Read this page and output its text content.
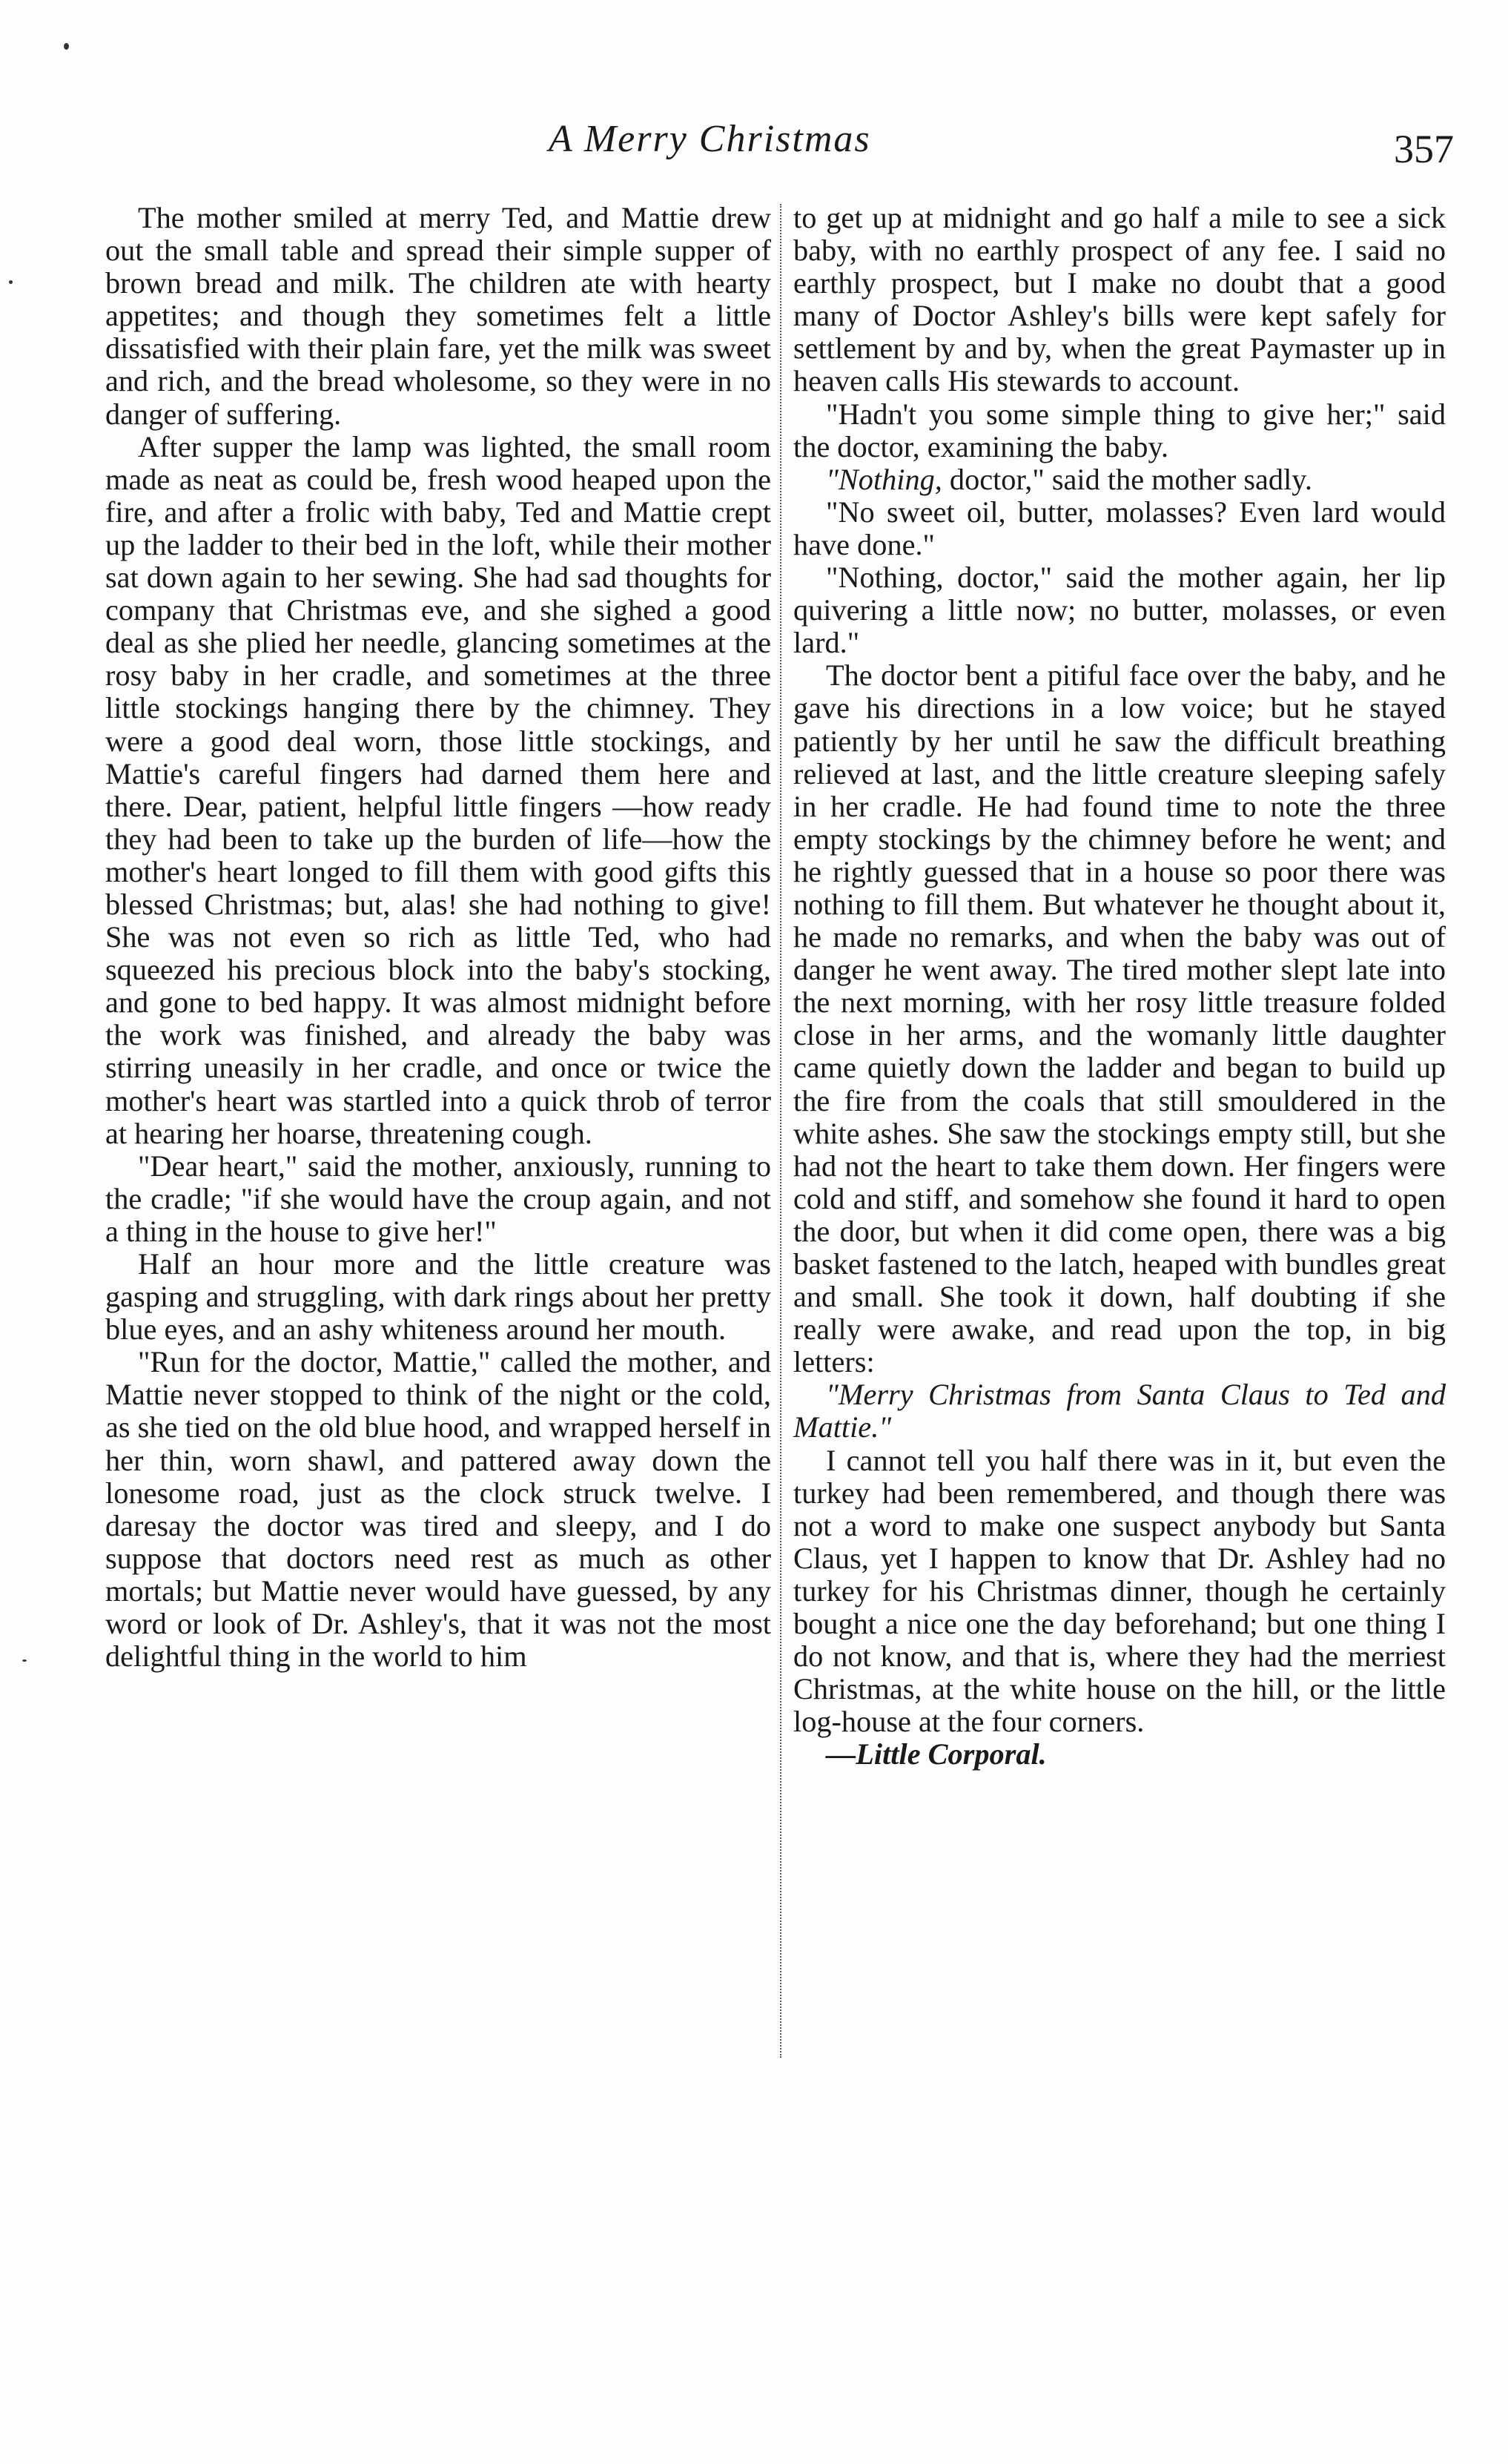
A Merry Christmas	357

The mother smiled at merry Ted, and Mattie drew out the small table and spread their simple supper of brown bread and milk. The children ate with hearty appetites; and though they sometimes felt a little dissatisfied with their plain fare, yet the milk was sweet and rich, and the bread wholesome, so they were in no danger of suffering.

After supper the lamp was lighted, the small room made as neat as could be, fresh wood heaped upon the fire, and after a frolic with baby, Ted and Mattie crept up the ladder to their bed in the loft, while their mother sat down again to her sewing. She had sad thoughts for company that Christmas eve, and she sighed a good deal as she plied her needle, glancing sometimes at the rosy baby in her cradle, and sometimes at the three little stockings hanging there by the chimney. They were a good deal worn, those little stockings, and Mattie's careful fingers had darned them here and there. Dear, patient, helpful little fingers —how ready they had been to take up the burden of life—how the mother's heart longed to fill them with good gifts this blessed Christmas; but, alas! she had nothing to give! She was not even so rich as little Ted, who had squeezed his precious block into the baby's stocking, and gone to bed happy. It was almost midnight before the work was finished, and already the baby was stirring uneasily in her cradle, and once or twice the mother's heart was startled into a quick throb of terror at hearing her hoarse, threatening cough.

"Dear heart," said the mother, anxiously, running to the cradle; "if she would have the croup again, and not a thing in the house to give her!"

Half an hour more and the little creature was gasping and struggling, with dark rings about her pretty blue eyes, and an ashy whiteness around her mouth.

"Run for the doctor, Mattie," called the mother, and Mattie never stopped to think of the night or the cold, as she tied on the old blue hood, and wrapped herself in her thin, worn shawl, and pattered away down the lonesome road, just as the clock struck twelve. I daresay the doctor was tired and sleepy, and I do suppose that doctors need rest as much as other mortals; but Mattie never would have guessed, by any word or look of Dr. Ashley's, that it was not the most delightful thing in the world to him

to get up at midnight and go half a mile to see a sick baby, with no earthly prospect of any fee. I said no earthly prospect, but I make no doubt that a good many of Doctor Ashley's bills were kept safely for settlement by and by, when the great Paymaster up in heaven calls His stewards to account.

"Hadn't you some simple thing to give her;" said the doctor, examining the baby.

"Nothing, doctor," said the mother sadly.

"No sweet oil, butter, molasses? Even lard would have done."

"Nothing, doctor," said the mother again, her lip quivering a little now; no butter, molasses, or even lard."

The doctor bent a pitiful face over the baby, and he gave his directions in a low voice; but he stayed patiently by her until he saw the difficult breathing relieved at last, and the little creature sleeping safely in her cradle. He had found time to note the three empty stockings by the chimney before he went; and he rightly guessed that in a house so poor there was nothing to fill them. But whatever he thought about it, he made no remarks, and when the baby was out of danger he went away. The tired mother slept late into the next morning, with her rosy little treasure folded close in her arms, and the womanly little daughter came quietly down the ladder and began to build up the fire from the coals that still smouldered in the white ashes. She saw the stockings empty still, but she had not the heart to take them down. Her fingers were cold and stiff, and somehow she found it hard to open the door, but when it did come open, there was a big basket fastened to the latch, heaped with bundles great and small. She took it down, half doubting if she really were awake, and read upon the top, in big letters:

"Merry Christmas from Santa Claus to Ted and Mattie."

I cannot tell you half there was in it, but even the turkey had been remembered, and though there was not a word to make one suspect anybody but Santa Claus, yet I happen to know that Dr. Ashley had no turkey for his Christmas dinner, though he certainly bought a nice one the day beforehand; but one thing I do not know, and that is, where they had the merriest Christmas, at the white house on the hill, or the little log-house at the four corners.

—Little Corporal.
